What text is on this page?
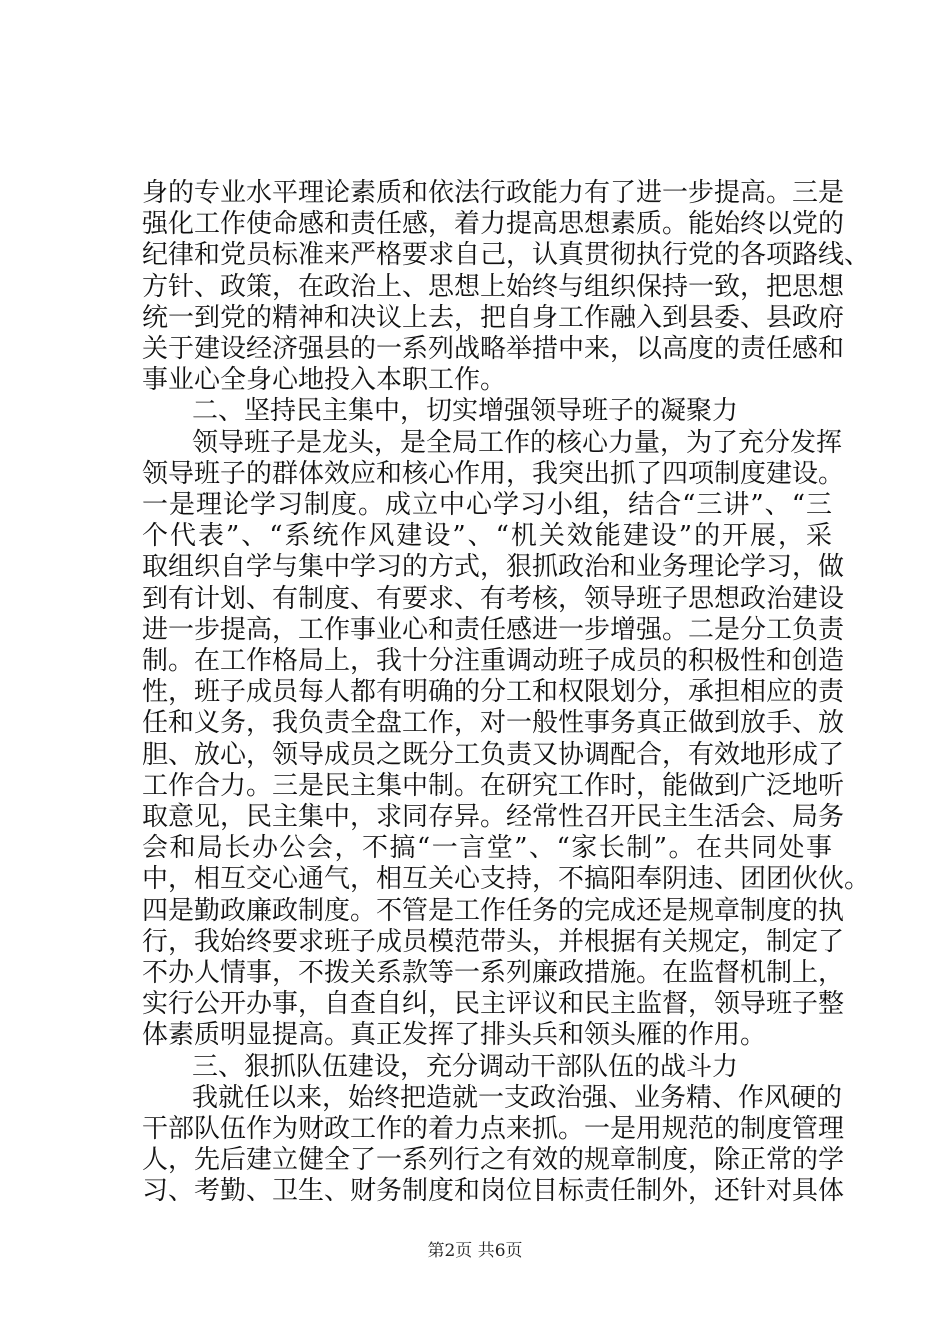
身的专业水平理论素质和依法行政能力有了进一步提高。三是
强化工作使命感和责任感，着力提高思想素质。能始终以党的
纪律和党员标准来严格要求自己，认真贯彻执行党的各项路线、
方针、政策，在政治上、思想上始终与组织保持一致，把思想
统一到党的精神和决议上去，把自身工作融入到县委、县政府
关于建设经济强县的一系列战略举措中来，以高度的责任感和
事业心全身心地投入本职工作。
二、坚持民主集中，切实增强领导班子的凝聚力
领导班子是龙头，是全局工作的核心力量，为了充分发挥
领导班子的群体效应和核心作用，我突出抓了四项制度建设。
一是理论学习制度。成立中心学习小组，结合“三讲”、“三
个代表”、“系统作风建设”、“机关效能建设”的开展，采
取组织自学与集中学习的方式，狠抓政治和业务理论学习，做
到有计划、有制度、有要求、有考核，领导班子思想政治建设
进一步提高，工作事业心和责任感进一步增强。二是分工负责
制。在工作格局上，我十分注重调动班子成员的积极性和创造
性，班子成员每人都有明确的分工和权限划分，承担相应的责
任和义务，我负责全盘工作，对一般性事务真正做到放手、放
胆、放心，领导成员之既分工负责又协调配合，有效地形成了
工作合力。三是民主集中制。在研究工作时，能做到广泛地听
取意见，民主集中，求同存异。经常性召开民主生活会、局务
会和局长办公会，不搞“一言堂”、“家长制”。在共同处事
中，相互交心通气，相互关心支持，不搞阳奉阴违、团团伙伙。
四是勤政廉政制度。不管是工作任务的完成还是规章制度的执
行，我始终要求班子成员模范带头，并根据有关规定，制定了
不办人情事，不拨关系款等一系列廉政措施。在监督机制上，
实行公开办事，自查自纠，民主评议和民主监督，领导班子整
体素质明显提高。真正发挥了排头兵和领头雁的作用。
三、狠抓队伍建设，充分调动干部队伍的战斗力
我就任以来，始终把造就一支政治强、业务精、作风硬的
干部队伍作为财政工作的着力点来抓。一是用规范的制度管理
人，先后建立健全了一系列行之有效的规章制度，除正常的学
习、考勤、卫生、财务制度和岗位目标责任制外，还针对具体
第2页 共6页
